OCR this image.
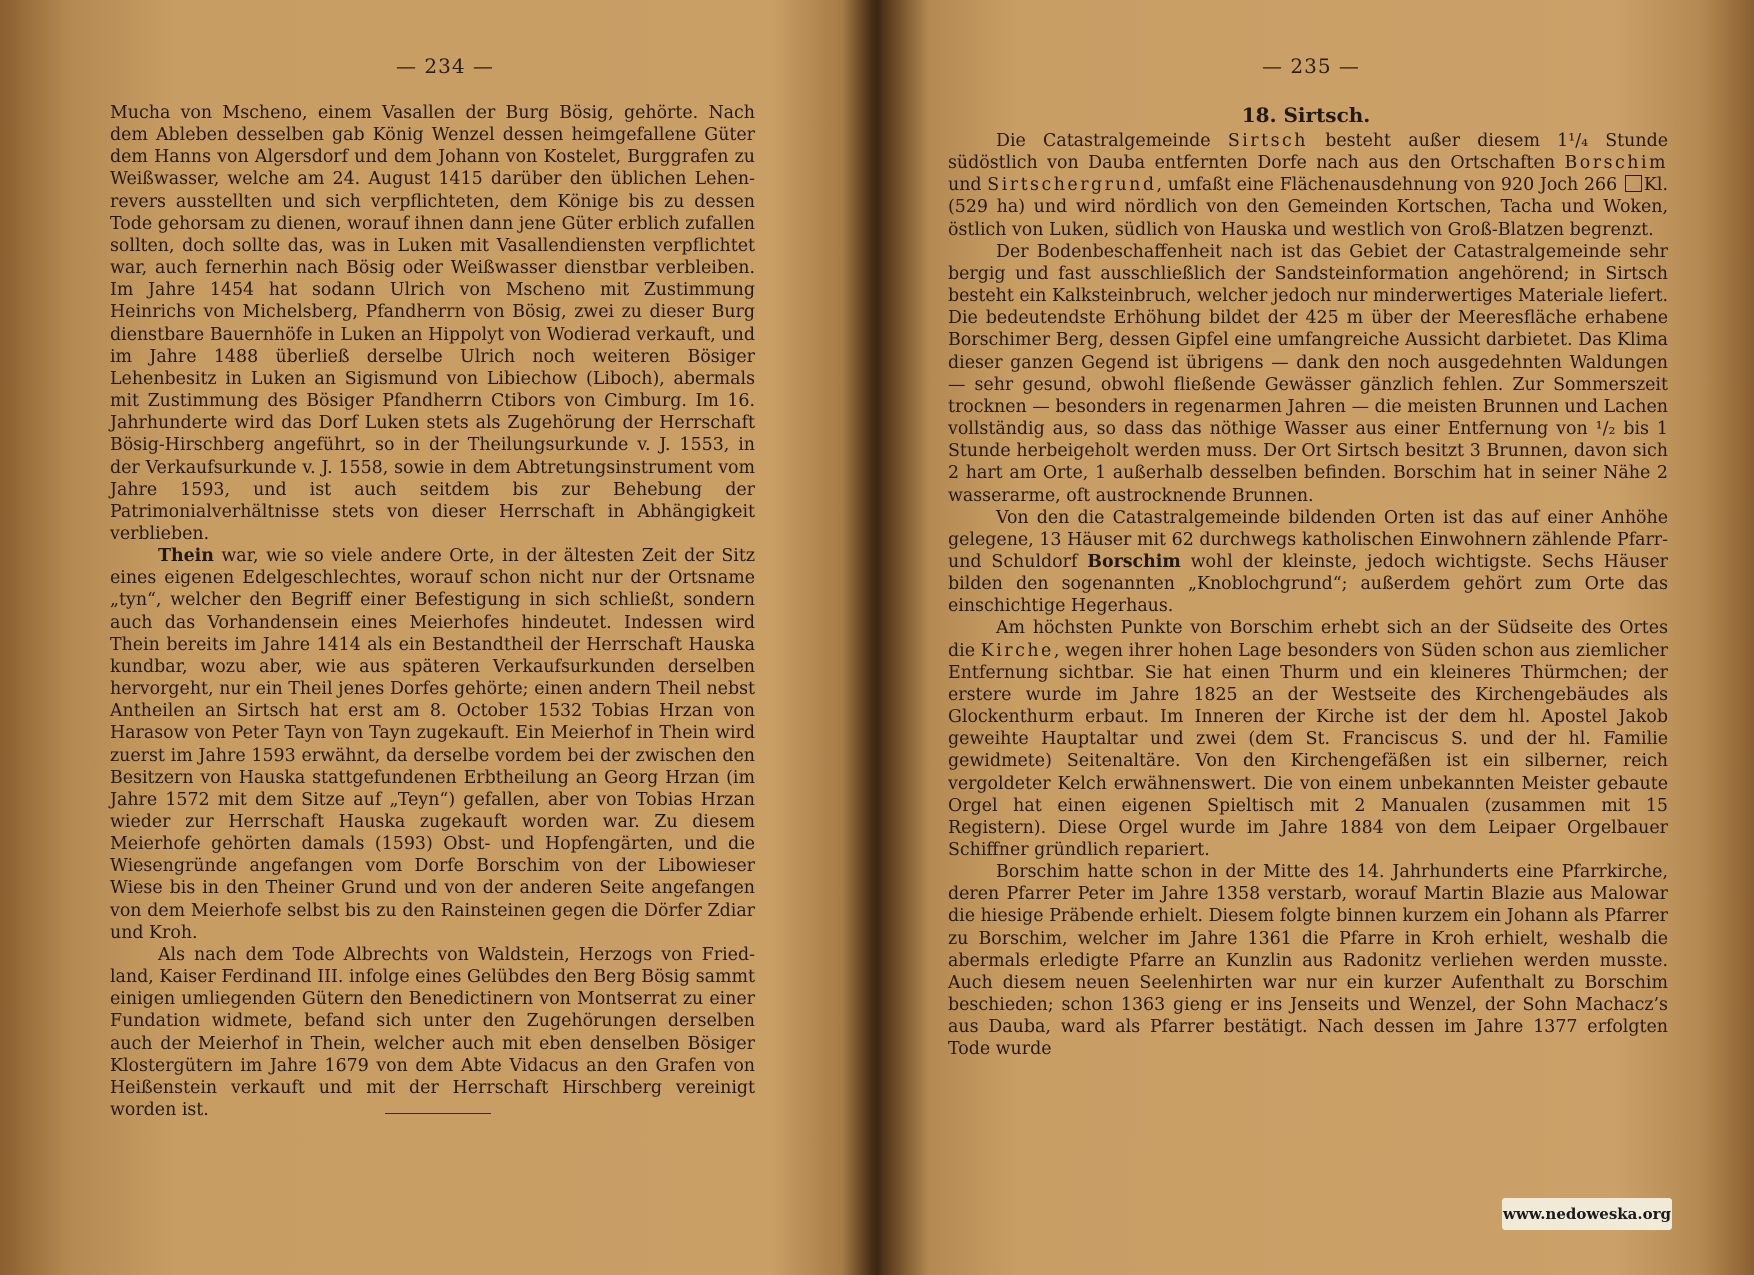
— 234 —

Mucha von Mscheno, einem Vasallen der Burg Bösig, gehörte. Nach dem Ableben desselben gab König Wenzel dessen heimgefallene Güter dem Hanns von Algersdorf und dem Johann von Kostelet, Burggrafen zu Weißwasser, welche am 24. August 1415 darüber den üblichen Lehenrevers ausstellten und sich verpflichteten, dem Könige bis zu dessen Tode gehorsam zu dienen, worauf ihnen dann jene Güter erblich zufallen sollten, doch sollte das, was in Luken mit Vasallendiensten verpflichtet war, auch fernerhin nach Bösig oder Weißwasser dienstbar verbleiben. Im Jahre 1454 hat sodann Ulrich von Mscheno mit Zustimmung Heinrichs von Michelsberg, Pfandherrn von Bösig, zwei zu dieser Burg dienstbare Bauernhöfe in Luken an Hippolyt von Wodierad verkauft, und im Jahre 1488 überließ derselbe Ulrich noch weiteren Bösiger Lehenbesitz in Luken an Sigismund von Libiechow (Liboch), abermals mit Zustimmung des Bösiger Pfandherrn Ctibors von Cimburg. Im 16. Jahrhunderte wird das Dorf Luken stets als Zugehörung der Herrschaft Bösig-Hirschberg angeführt, so in der Theilungsurkunde v. J. 1553, in der Verkaufsurkunde v. J. 1558, sowie in dem Abtretungsinstrument vom Jahre 1593, und ist auch seitdem bis zur Behebung der Patrimonialverhältnisse stets von dieser Herrschaft in Abhängigkeit verblieben.

Thein war, wie so viele andere Orte, in der ältesten Zeit der Sitz eines eigenen Edelgeschlechtes, worauf schon nicht nur der Ortsname „tyn“, welcher den Begriff einer Befestigung in sich schließt, sondern auch das Vorhandensein eines Meierhofes hindeutet. Indessen wird Thein bereits im Jahre 1414 als ein Bestandtheil der Herrschaft Hauska kundbar, wozu aber, wie aus späteren Verkaufsurkunden derselben hervorgeht, nur ein Theil jenes Dorfes gehörte; einen andern Theil nebst Antheilen an Sirtsch hat erst am 8. October 1532 Tobias Hrzan von Harasow von Peter Tayn von Tayn zugekauft. Ein Meierhof in Thein wird zuerst im Jahre 1593 erwähnt, da derselbe vordem bei der zwischen den Besitzern von Hauska stattgefundenen Erbtheilung an Georg Hrzan (im Jahre 1572 mit dem Sitze auf „Teyn“) gefallen, aber von Tobias Hrzan wieder zur Herrschaft Hauska zugekauft worden war. Zu diesem Meierhofe gehörten damals (1593) Obst- und Hopfengärten, und die Wiesengründe angefangen vom Dorfe Borschim von der Libowieser Wiese bis in den Theiner Grund und von der anderen Seite angefangen von dem Meierhofe selbst bis zu den Rainsteinen gegen die Dörfer Zdiar und Kroh.

Als nach dem Tode Albrechts von Waldstein, Herzogs von Friedland, Kaiser Ferdinand III. infolge eines Gelübdes den Berg Bösig sammt einigen umliegenden Gütern den Benedictinern von Montserrat zu einer Fundation widmete, befand sich unter den Zugehörungen derselben auch der Meierhof in Thein, welcher auch mit eben denselben Bösiger Klostergütern im Jahre 1679 von dem Abte Vidacus an den Grafen von Heißenstein verkauft und mit der Herrschaft Hirschberg vereinigt worden ist.

— 235 —
18. Sirtsch.

Die Catastralgemeinde Sirtsch besteht außer diesem 1¹/₄ Stunde südöstlich von Dauba entfernten Dorfe nach aus den Ortschaften Borschim und Sirtschergrund, umfaßt eine Flächenausdehnung von 920 Joch 266 Kl. (529 ha) und wird nördlich von den Gemeinden Kortschen, Tacha und Woken, östlich von Luken, südlich von Hauska und westlich von Groß-Blatzen begrenzt.

Der Bodenbeschaffenheit nach ist das Gebiet der Catastralgemeinde sehr bergig und fast ausschließlich der Sandsteinformation angehörend; in Sirtsch besteht ein Kalksteinbruch, welcher jedoch nur minderwertiges Materiale liefert. Die bedeutendste Erhöhung bildet der 425 m über der Meeresfläche erhabene Borschimer Berg, dessen Gipfel eine umfangreiche Aussicht darbietet. Das Klima dieser ganzen Gegend ist übrigens — dank den noch ausgedehnten Waldungen — sehr gesund, obwohl fließende Gewässer gänzlich fehlen. Zur Sommerszeit trocknen — besonders in regenarmen Jahren — die meisten Brunnen und Lachen vollständig aus, so dass das nöthige Wasser aus einer Entfernung von ¹/₂ bis 1 Stunde herbeigeholt werden muss. Der Ort Sirtsch besitzt 3 Brunnen, davon sich 2 hart am Orte, 1 außerhalb desselben befinden. Borschim hat in seiner Nähe 2 wasserarme, oft austrocknende Brunnen.

Von den die Catastralgemeinde bildenden Orten ist das auf einer Anhöhe gelegene, 13 Häuser mit 62 durchwegs katholischen Einwohnern zählende Pfarr- und Schuldorf Borschim wohl der kleinste, jedoch wichtigste. Sechs Häuser bilden den sogenannten „Knoblochgrund“; außerdem gehört zum Orte das einschichtige Hegerhaus.

Am höchsten Punkte von Borschim erhebt sich an der Südseite des Ortes die Kirche, wegen ihrer hohen Lage besonders von Süden schon aus ziemlicher Entfernung sichtbar. Sie hat einen Thurm und ein kleineres Thürmchen; der erstere wurde im Jahre 1825 an der Westseite des Kirchengebäudes als Glockenthurm erbaut. Im Inneren der Kirche ist der dem hl. Apostel Jakob geweihte Hauptaltar und zwei (dem St. Franciscus S. und der hl. Familie gewidmete) Seitenaltäre. Von den Kirchengefäßen ist ein silberner, reich vergoldeter Kelch erwähnenswert. Die von einem unbekannten Meister gebaute Orgel hat einen eigenen Spieltisch mit 2 Manualen (zusammen mit 15 Registern). Diese Orgel wurde im Jahre 1884 von dem Leipaer Orgelbauer Schiffner gründlich repariert.

Borschim hatte schon in der Mitte des 14. Jahrhunderts eine Pfarrkirche, deren Pfarrer Peter im Jahre 1358 verstarb, worauf Martin Blazie aus Malowar die hiesige Präbende erhielt. Diesem folgte binnen kurzem ein Johann als Pfarrer zu Borschim, welcher im Jahre 1361 die Pfarre in Kroh erhielt, weshalb die abermals erledigte Pfarre an Kunzlin aus Radonitz verliehen werden musste. Auch diesem neuen Seelenhirten war nur ein kurzer Aufenthalt zu Borschim beschieden; schon 1363 gieng er ins Jenseits und Wenzel, der Sohn Machacz’s aus Dauba, ward als Pfarrer bestätigt. Nach dessen im Jahre 1377 erfolgten Tode wurde

www.nedoweska.org
